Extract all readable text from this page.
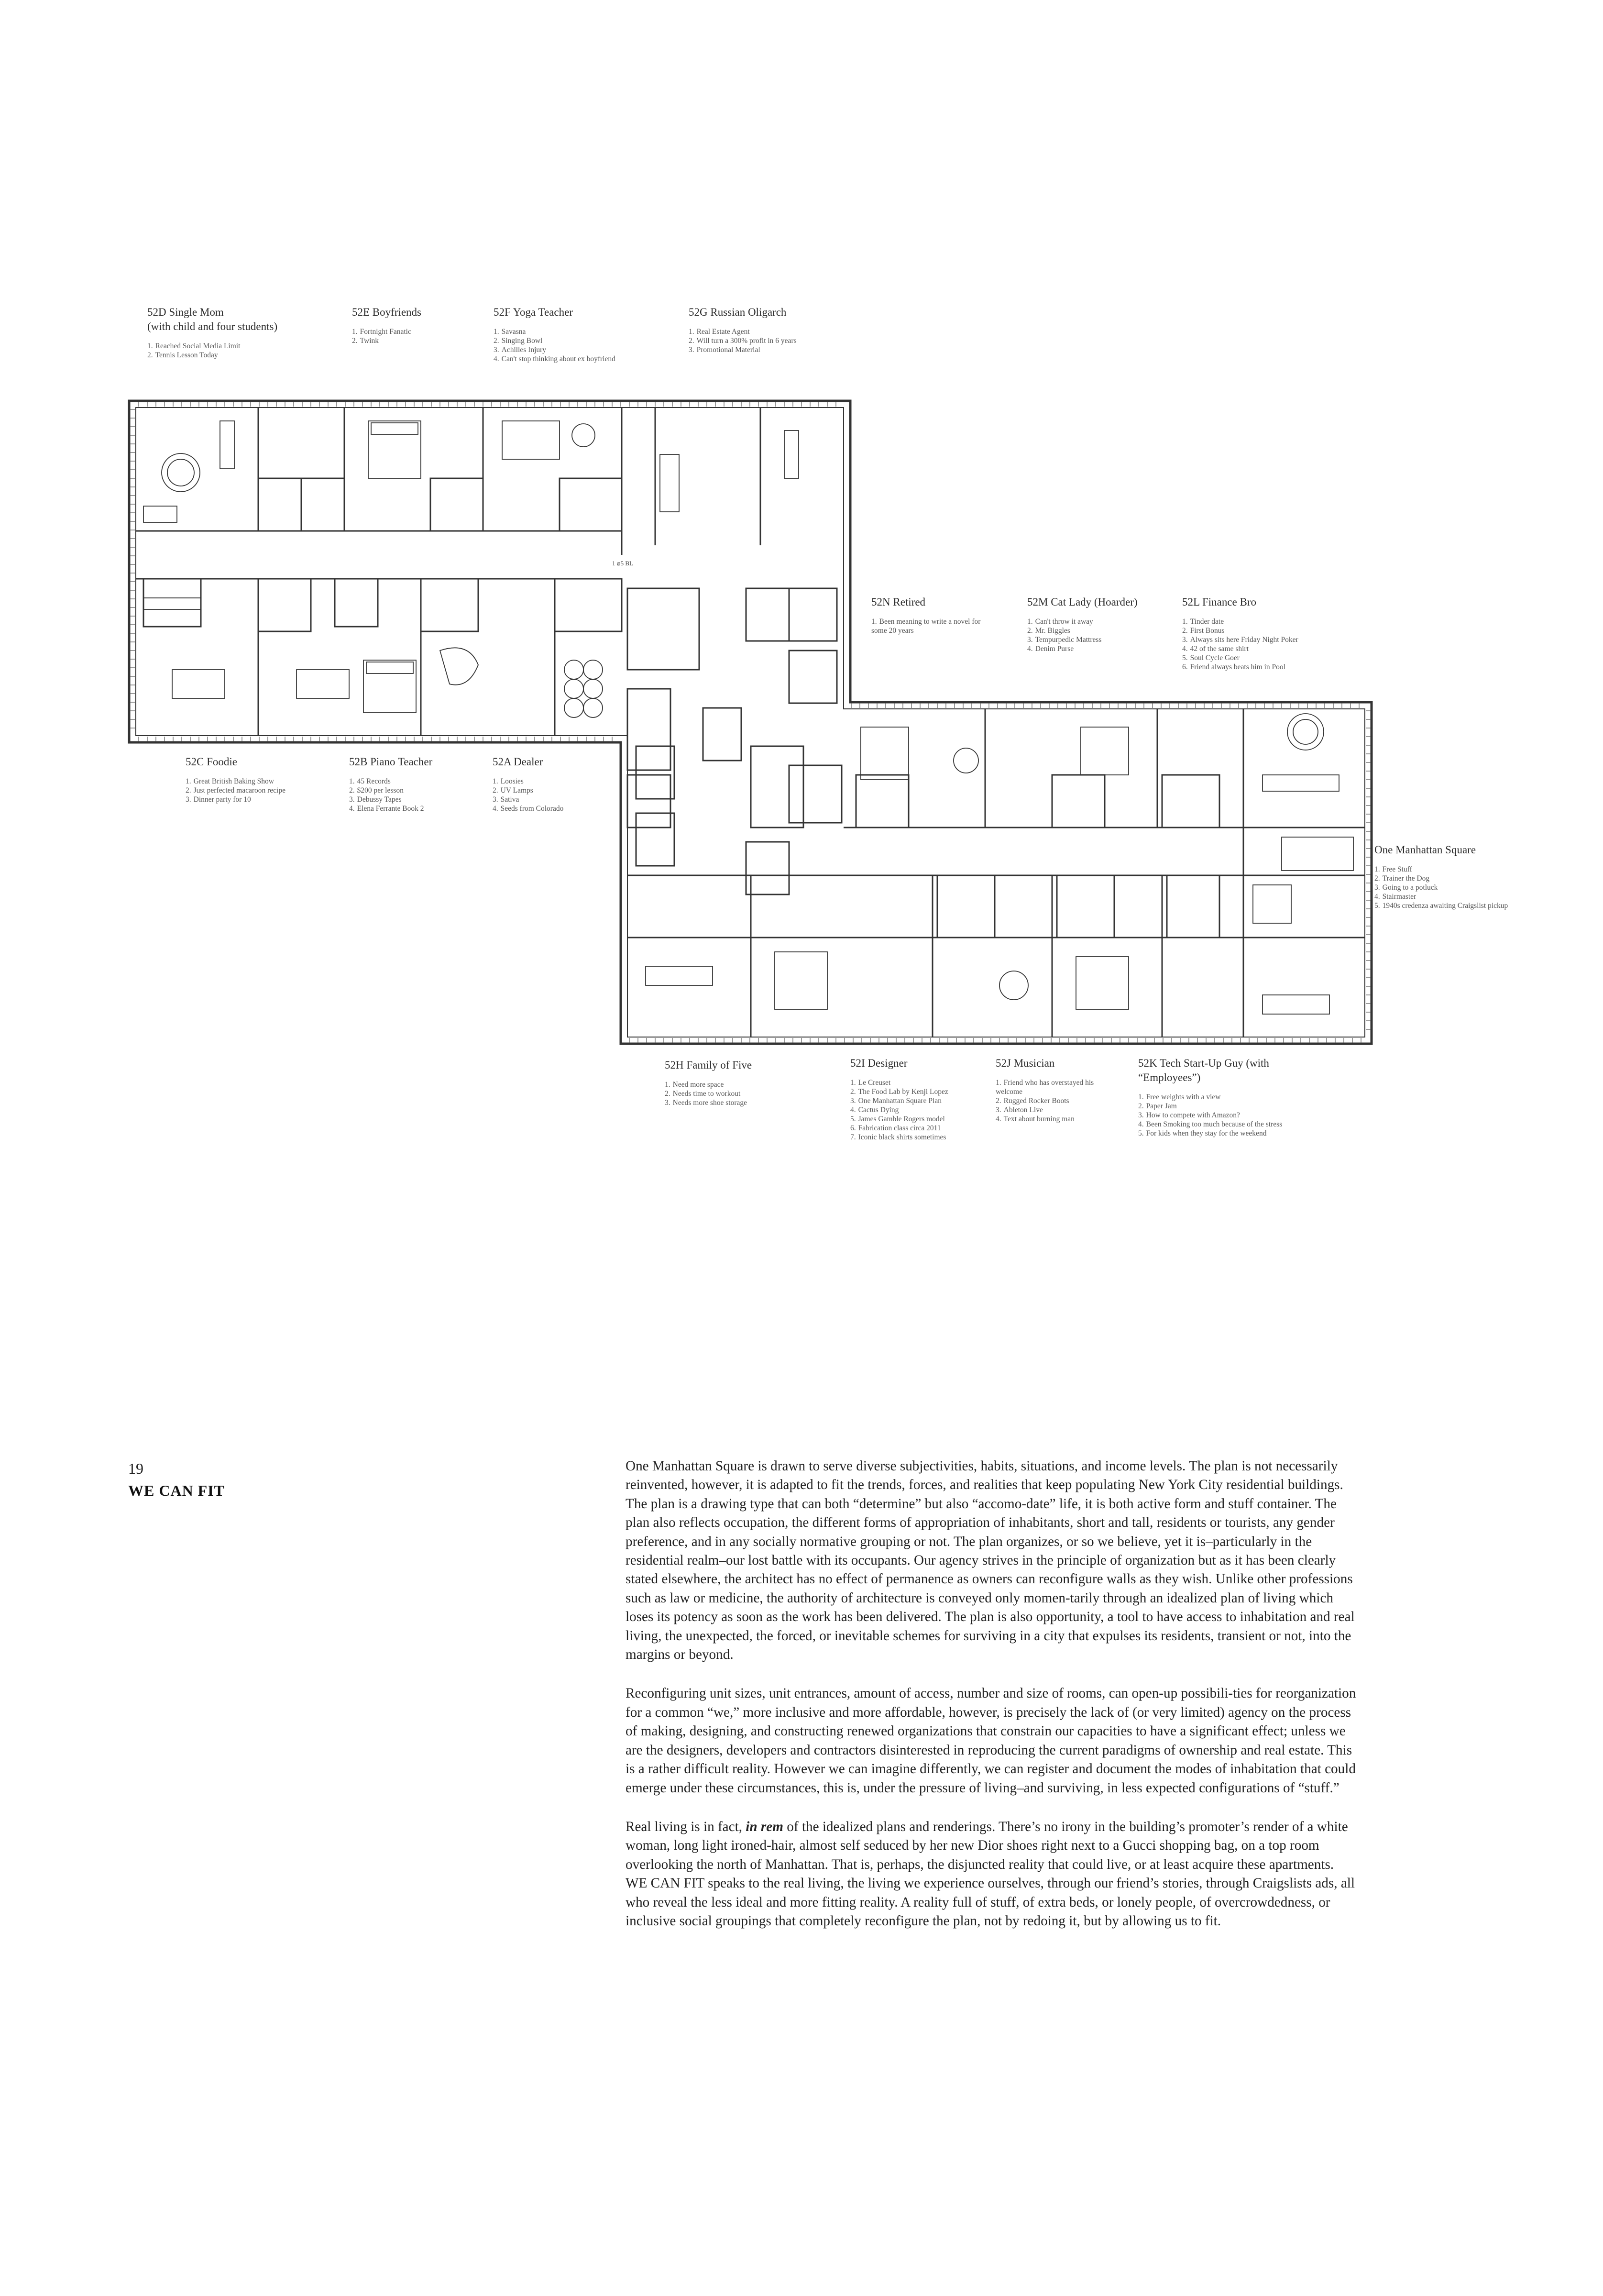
1 ⌀5 BL
52D Single Mom
(with child and four students)
1. Reached Social Media Limit
2. Tennis Lesson Today
52E Boyfriends
1. Fortnight Fanatic
2. Twink
52F Yoga Teacher
1. Savasna
2. Singing Bowl
3. Achilles Injury
4. Can't stop thinking about ex boyfriend
52G Russian Oligarch
1. Real Estate Agent
2. Will turn a 300% profit in 6 years
3. Promotional Material
52N Retired
1. Been meaning to write a novel for some 20 years
52M Cat Lady (Hoarder)
1. Can't throw it away
2. Mr. Biggles
3. Tempurpedic Mattress
4. Denim Purse
52L Finance Bro
1. Tinder date
2. First Bonus
3. Always sits here Friday Night Poker
4. 42 of the same shirt
5. Soul Cycle Goer
6. Friend always beats him in Pool
52C Foodie
1. Great British Baking Show
2. Just perfected macaroon recipe
3. Dinner party for 10
52B Piano Teacher
1. 45 Records
2. $200 per lesson
3. Debussy Tapes
4. Elena Ferrante Book 2
52A Dealer
1. Loosies
2. UV Lamps
3. Sativa
4. Seeds from Colorado
One Manhattan Square
1. Free Stuff
2. Trainer the Dog
3. Going to a potluck
4. Stairmaster
5. 1940s credenza awaiting Craigslist pickup
52H Family of Five
1. Need more space
2. Needs time to workout
3. Needs more shoe storage
52I Designer
1. Le Creuset
2. The Food Lab by Kenji Lopez
3. One Manhattan Square Plan
4. Cactus Dying
5. James Gamble Rogers model
6. Fabrication class circa 2011
7. Iconic black shirts sometimes
52J Musician
1. Friend who has overstayed his welcome
2. Rugged Rocker Boots
3. Ableton Live
4. Text about burning man
52K Tech Start-Up Guy (with “Employees”)
1. Free weights with a view
2. Paper Jam
3. How to compete with Amazon?
4. Been Smoking too much because of the stress
5. For kids when they stay for the weekend
19
WE CAN FIT

One Manhattan Square is drawn to serve diverse subjectivities, habits, situations, and income levels. The plan is not necessarily reinvented, however, it is adapted to fit the trends, forces, and realities that keep populating New York City residential buildings. The plan is a drawing type that can both “determine” but also “accomo-date” life, it is both active form and stuff container. The plan also reflects occupation, the different forms of appropriation of inhabitants, short and tall, residents or tourists, any gender preference, and in any socially normative grouping or not. The plan organizes, or so we believe, yet it is–particularly in the residential realm–our lost battle with its occupants. Our agency strives in the principle of organization but as it has been clearly stated elsewhere, the architect has no effect of permanence as owners can reconfigure walls as they wish. Unlike other professions such as law or medicine, the authority of architecture is conveyed only momen-tarily through an idealized plan of living which loses its potency as soon as the work has been delivered. The plan is also opportunity, a tool to have access to inhabitation and real living, the unexpected, the forced, or inevitable schemes for surviving in a city that expulses its residents, transient or not, into the margins or beyond.

Reconfiguring unit sizes, unit entrances, amount of access, number and size of rooms, can open-up possibili-ties for reorganization for a common “we,” more inclusive and more affordable, however, is precisely the lack of (or very limited) agency on the process of making, designing, and constructing renewed organizations that constrain our capacities to have a significant effect; unless we are the designers, developers and contractors disinterested in reproducing the current paradigms of ownership and real estate. This is a rather difficult reality. However we can imagine differently, we can register and document the modes of inhabitation that could emerge under these circumstances, this is, under the pressure of living–and surviving, in less expected configurations of “stuff.”

Real living is in fact, in rem of the idealized plans and renderings. There’s no irony in the building’s promoter’s render of a white woman, long light ironed-hair, almost self seduced by her new Dior shoes right next to a Gucci shopping bag, on a top room overlooking the north of Manhattan. That is, perhaps, the disjuncted reality that could live, or at least acquire these apartments. WE CAN FIT speaks to the real living, the living we experience ourselves, through our friend’s stories, through Craigslists ads, all who reveal the less ideal and more fitting reality. A reality full of stuff, of extra beds, or lonely people, of overcrowdedness, or inclusive social groupings that completely reconfigure the plan, not by redoing it, but by allowing us to fit.
